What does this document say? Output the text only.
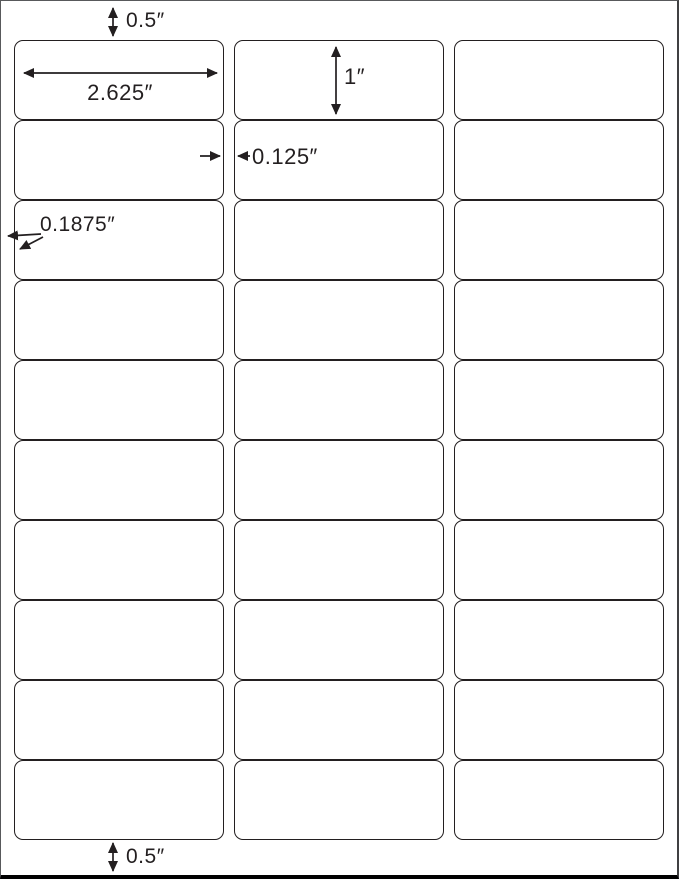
0.5″
2.625″
1″
0.125″
0.1875″
0.5″
